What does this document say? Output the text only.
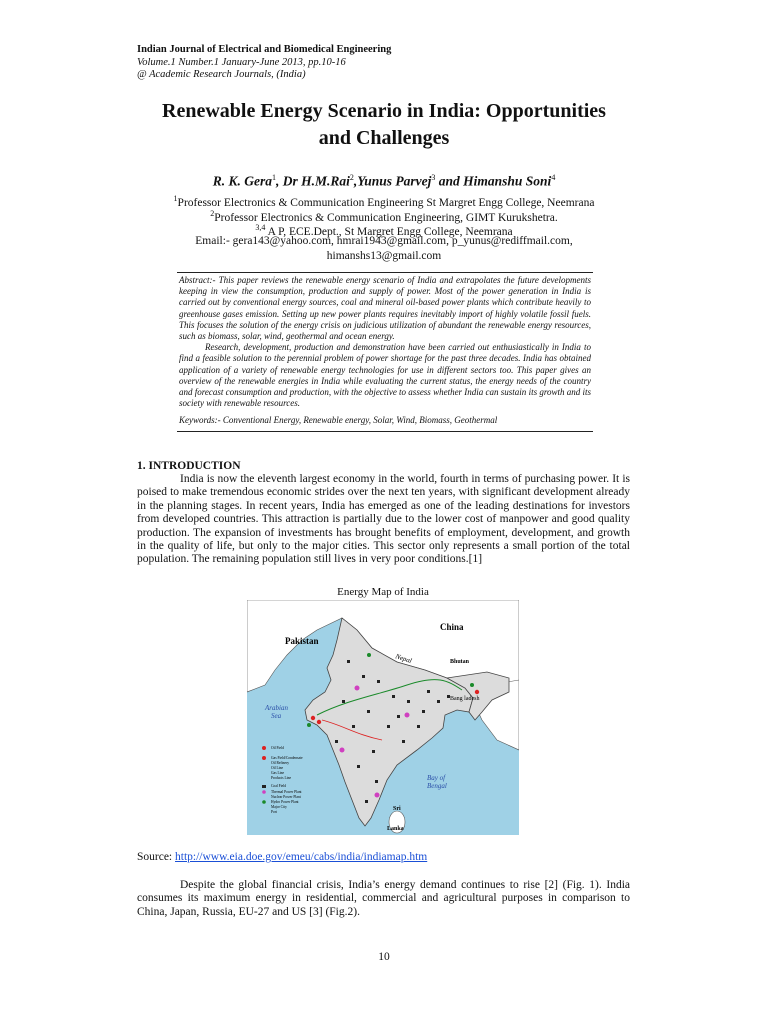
Indian Journal of Electrical and Biomedical Engineering
Volume.1 Number.1 January-June 2013, pp.10-16
@ Academic Research Journals, (India)
Renewable Energy Scenario in India: Opportunities
and Challenges
R. K. Gera$^1$, Dr H.M.Rai$^2$,Yunus Parvej$^3$ and Himanshu Soni$^4$
$^1$Professor Electronics & Communication Engineering St Margret Engg College, Neemrana
$^2$Professor Electronics & Communication Engineering, GIMT Kurukshetra.
$^{3,4}$ A P, ECE.Dept., St Margret Engg College, Neemrana
Email:- gera143@yahoo.com, hmrai1943@gmail.com, p_yunus@rediffmail.com,
himanshs13@gmail.com

Abstract:- This paper reviews the renewable energy scenario of India and extrapolates the future developments keeping in view the consumption, production and supply of power. Most of the power generation in India is carried out by conventional energy sources, coal and mineral oil-based power plants which contribute heavily to greenhouse gases emission. Setting up new power plants requires inevitably import of highly volatile fossil fuels. This focuses the solution of the energy crisis on judicious utilization of abundant the renewable energy resources, such as biomass, solar, wind, geothermal and ocean energy.

Research, development, production and demonstration have been carried out enthusiastically in India to find a feasible solution to the perennial problem of power shortage for the past three decades. India has obtained application of a variety of renewable energy technologies for use in different sectors too. This paper gives an overview of the renewable energies in India while evaluating the current status, the energy needs of the country and forecast consumption and production, with the objective to assess whether India can sustain its growth and its society with renewable resources.

Keywords:- Conventional Energy, Renewable energy, Solar, Wind, Biomass, Geothermal

1. INTRODUCTION

India is now the eleventh largest economy in the world, fourth in terms of purchasing power. It is poised to make tremendous economic strides over the next ten years, with significant development already in the planning stages. In recent years, India has emerged as one of the leading destinations for investors from developed countries. This attraction is partially due to the lower cost of manpower and good quality production. The expansion of investments has brought benefits of employment, development, and growth in the quality of life, but only to the major cities. This sector only represents a small portion of the total population. The remaining population still lives in very poor conditions.[1]

Energy Map of India
Pakistan
China
Nepal	Bhutan
Bang ladesh
Arabian
Sea
Bay of
Bengal
Sri
Lanka
Oil Field
Gas Field/Condensate
Oil Refinery
Oil Line
Gas Line
Products Line
Coal Field
Thermal Power Plant
Nuclear Power Plant
Hydro Power Plant
Major City
Port
Source: http://www.eia.doe.gov/emeu/cabs/india/indiamap.htm

Despite the global financial crisis, India’s energy demand continues to rise [2] (Fig. 1). India consumes its maximum energy in residential, commercial and agricultural purposes in comparison to China, Japan, Russia, EU-27 and US [3] (Fig.2).

10
